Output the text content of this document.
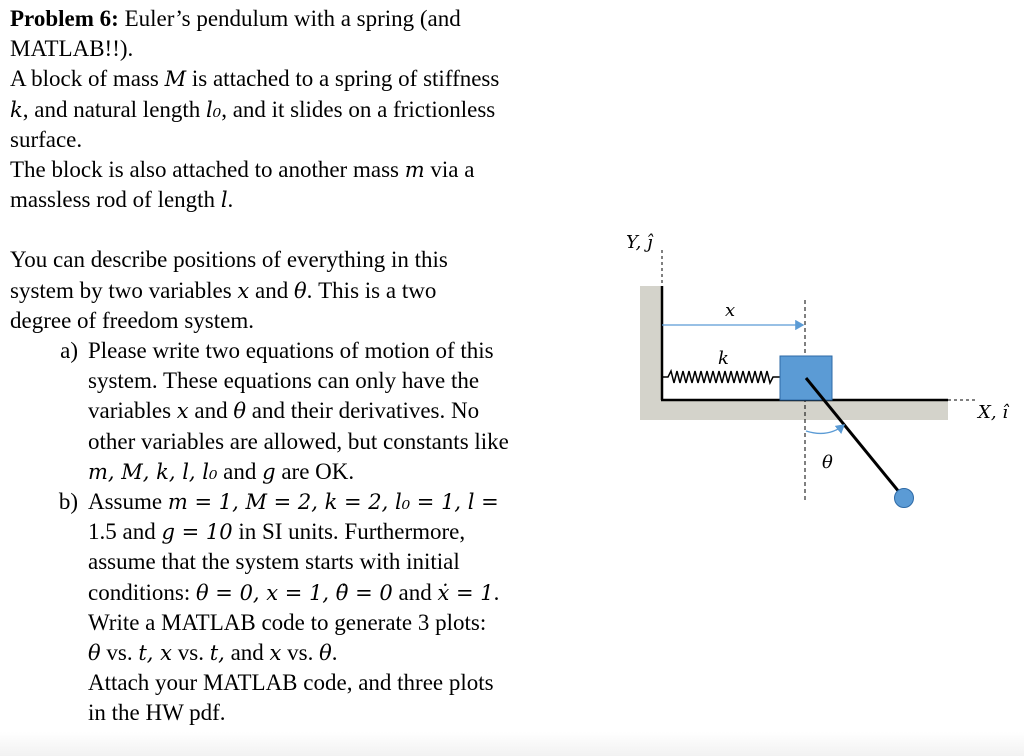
Problem 6: Euler’s pendulum with a spring (and
MATLAB!!).
A block of mass M is attached to a spring of stiffness
k, and natural length l₀, and it slides on a frictionless
surface.
The block is also attached to another mass m via a
massless rod of length l.
You can describe positions of everything in this
system by two variables x and θ. This is a two
degree of freedom system.
a) Please write two equations of motion of this
system. These equations can only have the
variables x and θ and their derivatives. No
other variables are allowed, but constants like
m, M, k, l, l₀ and g are OK.
b) Assume m = 1, M = 2, k = 2, l₀ = 1, l =
1.5 and g = 10 in SI units. Furthermore,
assume that the system starts with initial
conditions: θ = 0, x = 1, θ̇ = 0 and ẋ = 1.
Write a MATLAB code to generate 3 plots:
θ vs. t, x vs. t, and x vs. θ.
Attach your MATLAB code, and three plots
in the HW pdf.
Y, ĵ
X, î
x
k
θ
